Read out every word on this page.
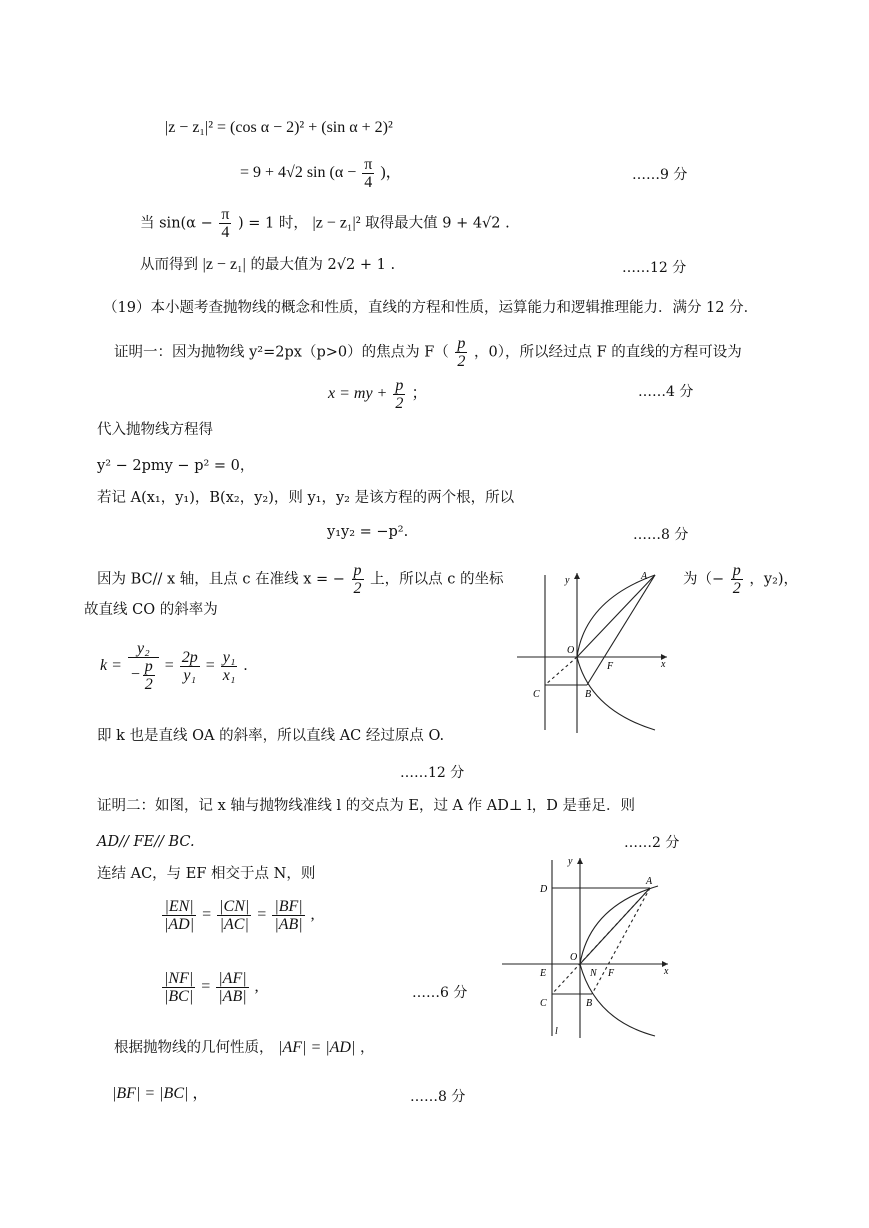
|z − z₁|² = (cos α − 2)² + (sin α + 2)²
= 9 + 4√2 $\sin (\alpha - \frac{\pi}{4}$ )，	……9 分
当 $\sin(\alpha - \frac{\pi}{4}$ ) = 1 时， |z − z₁|² 取得最大值 9 + 4√2 .
从而得到 |z − z₁| 的最大值为 2√2 + 1 .	……12 分
（19）本小题考查抛物线的概念和性质，直线的方程和性质，运算能力和逻辑推理能力．满分 12 分．
证明一：因为抛物线 y²=2px（p>0）的焦点为 $F( \frac{p}{2}$ ，0），所以经过点 F 的直线的方程可设为
x = my + $\frac{p}{2}$ ；	……4 分
代入抛物线方程得
y² − 2pmy − p² = 0，
若记 A(x₁，y₁)，B(x₂，y₂)，则 y₁，y₂ 是该方程的两个根，所以
y₁y₂ = −p².	……8 分
因为 BC// x 轴，且点 c 在准线 x = − $\frac{p}{2}$ 上，所以点 c 的坐标	为（− $\frac{p}{2}$ ，y₂)，
故直线 CO 的斜率为
$k = \frac{\text{y₂}}{- \frac{p}{2}} = \frac{2p}{\text{y₁}} = \frac{\text{y₁}}{\text{x₁}}$ .
即 k 也是直线 OA 的斜率，所以直线 AC 经过原点 O.
……12 分
证明二：如图，记 x 轴与抛物线准线 l 的交点为 E，过 A 作 AD⊥ l，D 是垂足．则
AD// FE// BC.	……2 分
连结 AC，与 EF 相交于点 N，则
$\frac{|EN|}{|AD|} = \frac{|CN|}{|AC|} = \frac{|BF|}{|AB|}$ ,
$\frac{|NF|}{|BC|} = \frac{|AF|}{|AB|}$ ,	……6 分
根据抛物线的几何性质， |AF| = |AD| ，
|BF| = |BC| ，	……8 分
y	A
O
F	x
C	B
y
D
A
O
E	N F	x
C	B
l
